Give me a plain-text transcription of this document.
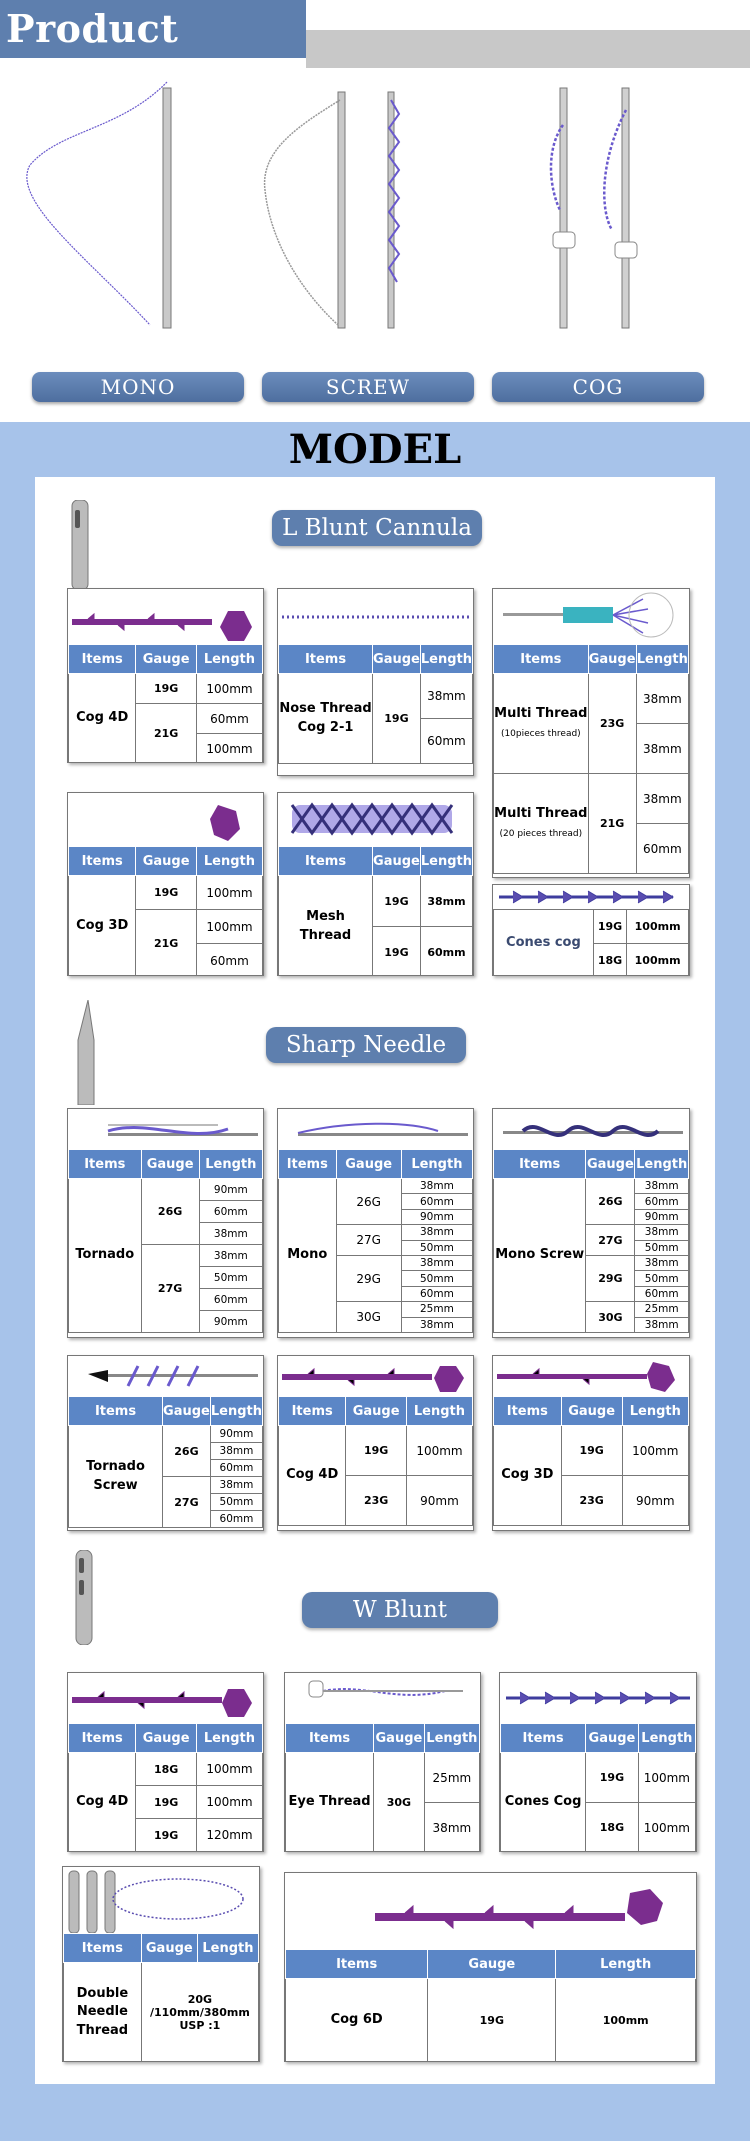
Product Model
MONO	SCREW	COG
MODEL
L Blunt Cannula
Sharp Needle
W Blunt Cannula
Items	Gauge	Length
Cog 4D	19G	100mm
	21G	60mm
		100mm
Items	Gauge	Length
Nose Thread Cog 2-1	19G	38mm
		60mm
Items	Gauge	Length
Multi Thread
(10pieces thread)	23G	38mm
		38mm
Multi Thread
(20 pieces thread)	21G	38mm
		60mm
Items	Gauge	Length
Cog 3D	19G	100mm
	21G	100mm
		60mm
Items	Gauge	Length
Mesh Thread	19G	38mm
	19G	60mm
Cones cog	19G	100mm
	18G	100mm
Items	Gauge	Length
Tornado	26G	90mm
		60mm
		38mm
	27G	38mm
		50mm
		60mm
		90mm
Items	Gauge	Length
Mono	26G	38mm
		60mm
		90mm
	27G	38mm
		50mm
	29G	38mm
		50mm
		60mm
	30G	25mm
		38mm
Items	Gauge	Length
Mono Screw	26G	38mm
		60mm
		90mm
	27G	38mm
		50mm
	29G	38mm
		50mm
		60mm
	30G	25mm
		38mm
Items	Gauge	Length
Tornado Screw	26G	90mm
		38mm
		60mm
	27G	38mm
		50mm
		60mm
Items	Gauge	Length
Cog 4D	19G	100mm
	23G	90mm
Items	Gauge	Length
Cog 3D	19G	100mm
	23G	90mm
Items	Gauge	Length
Cog 4D	18G	100mm
	19G	100mm
	19G	120mm
Items	Gauge	Length
Eye Thread	30G	25mm
		38mm
Items	Gauge	Length
Cones Cog	19G	100mm
	18G	100mm
Items	Gauge	Length
Double Needle Thread	20G /110mm/380mm USP :1	
Items	Gauge	Length
Cog 6D	19G	100mm
